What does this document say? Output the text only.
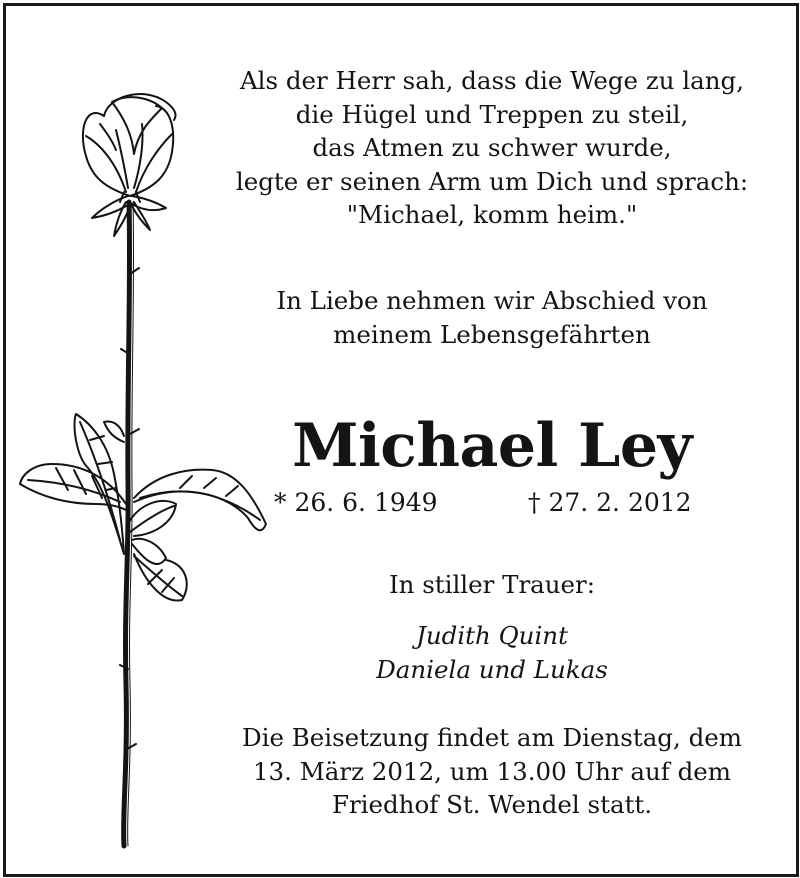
Als der Herr sah, dass die Wege zu lang,
die Hügel und Treppen zu steil,
das Atmen zu schwer wurde,
legte er seinen Arm um Dich und sprach:
"Michael, komm heim."
In Liebe nehmen wir Abschied von
meinem Lebensgefährten
Michael Ley
* 26. 6. 1949	† 27. 2. 2012
In stiller Trauer:
Judith Quint
Daniela und Lukas
Die Beisetzung findet am Dienstag, dem
13. März 2012, um 13.00 Uhr auf dem
Friedhof St. Wendel statt.
